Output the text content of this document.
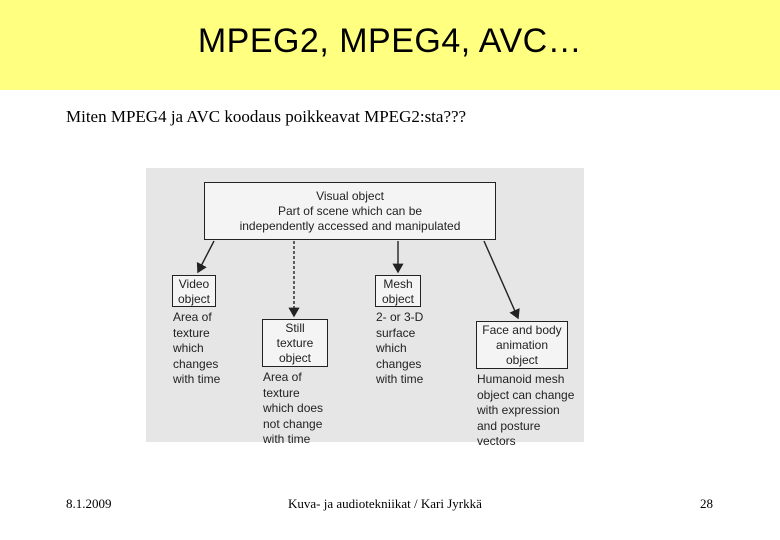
MPEG2, MPEG4, AVC…
Miten MPEG4 ja AVC koodaus poikkeavat MPEG2:sta???
Visual object
Part of scene which can be
independently accessed and manipulated
Video
object
Area of
texture
which
changes
with time
Still
texture
object
Area of
texture
which does
not change
with time
Mesh
object
2- or 3-D
surface
which
changes
with time
Face and body
animation
object
Humanoid mesh
object can change
with expression
and posture
vectors
8.1.2009	Kuva- ja audiotekniikat / Kari Jyrkkä	28
